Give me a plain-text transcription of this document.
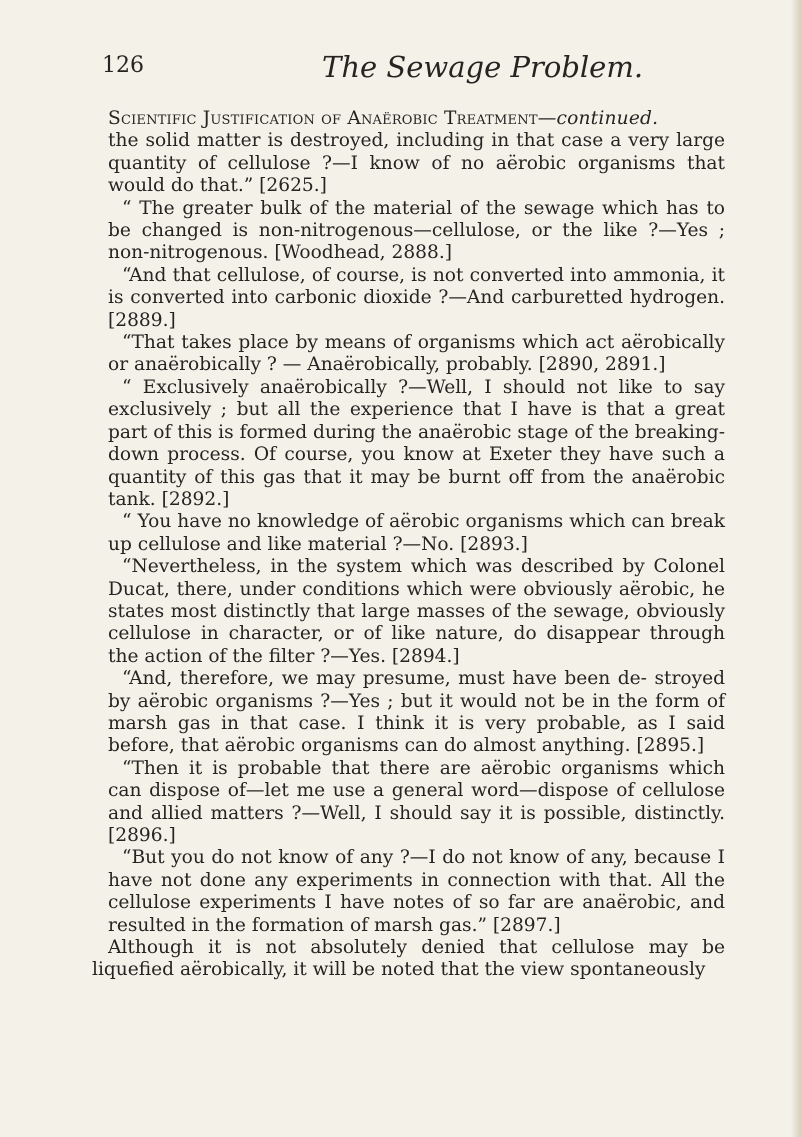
126	The Sewage Problem.

Scientific Justification of Anaërobic Treatment—continued.

the solid matter is destroyed, including in that case a very large quantity of cellulose ?—I know of no aërobic organisms that would do that.” [2625.]

“ The greater bulk of the material of the sewage which has to be changed is non-nitrogenous—cellulose, or the like ?—Yes ; non-nitrogenous. [Woodhead, 2888.]

“And that cellulose, of course, is not converted into ammonia, it is converted into carbonic dioxide ?—And carburetted hydrogen. [2889.]

“That takes place by means of organisms which act aërobically or anaërobically ? — Anaërobically, probably. [2890, 2891.]

“ Exclusively anaërobically ?—Well, I should not like to say exclusively ; but all the experience that I have is that a great part of this is formed during the anaërobic stage of the breaking-down process. Of course, you know at Exeter they have such a quantity of this gas that it may be burnt off from the anaërobic tank. [2892.]

“ You have no knowledge of aërobic organisms which can break up cellulose and like material ?—No. [2893.]

“Nevertheless, in the system which was described by Colonel Ducat, there, under conditions which were obviously aërobic, he states most distinctly that large masses of the sewage, obviously cellulose in character, or of like nature, do disappear through the action of the filter ?—Yes. [2894.]

“And, therefore, we may presume, must have been de- stroyed by aërobic organisms ?—Yes ; but it would not be in the form of marsh gas in that case. I think it is very probable, as I said before, that aërobic organisms can do almost anything. [2895.]

“Then it is probable that there are aërobic organisms which can dispose of—let me use a general word—dispose of cellulose and allied matters ?—Well, I should say it is possible, distinctly. [2896.]

“But you do not know of any ?—I do not know of any, because I have not done any experiments in connection with that. All the cellulose experiments I have notes of so far are anaërobic, and resulted in the formation of marsh gas.” [2897.]

Although it is not absolutely denied that cellulose may be liquefied aërobically, it will be noted that the view spontaneously
